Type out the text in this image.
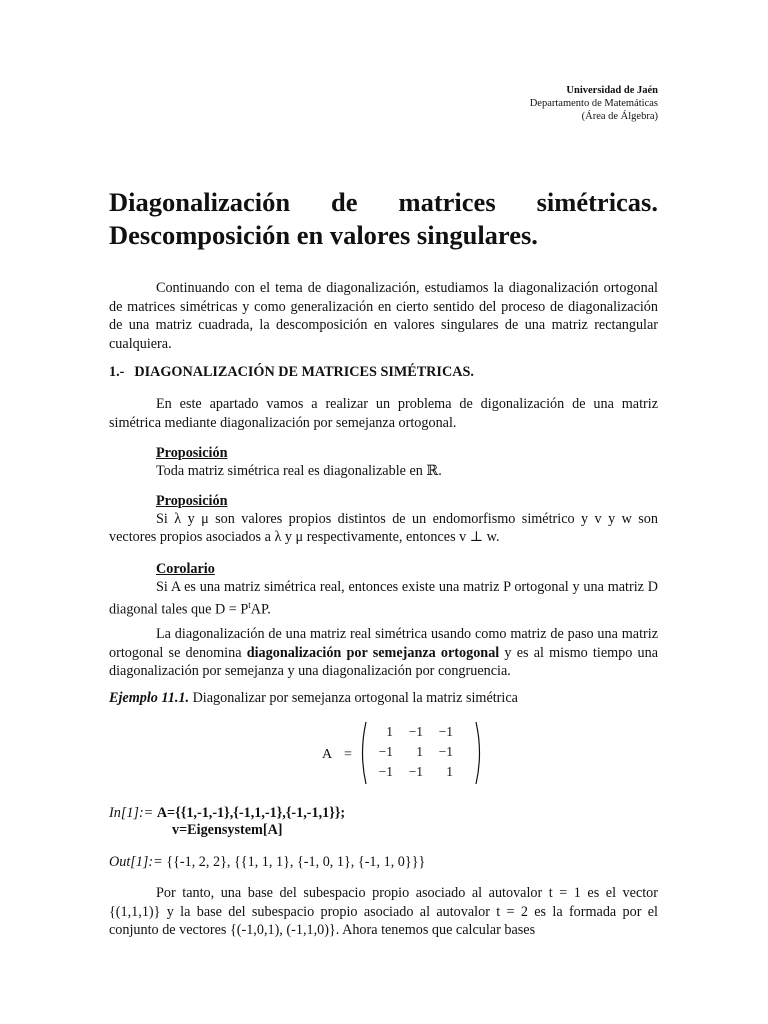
Universidad de Jaén
Departamento de Matemáticas
(Área de Álgebra)
Diagonalización de matrices simétricas.
Descomposición en valores singulares.

Continuando con el tema de diagonalización, estudiamos la diagonalización ortogonal de matrices simétricas y como generalización en cierto sentido del proceso de diagonalización de una matriz cuadrada, la descomposición en valores singulares de una matriz rectangular cualquiera.

1.- DIAGONALIZACIÓN DE MATRICES SIMÉTRICAS.

En este apartado vamos a realizar un problema de digonalización de una matriz simétrica mediante diagonalización por semejanza ortogonal.

Proposición
Toda matriz simétrica real es diagonalizable en ℝ.
Proposición
Si λ y μ son valores propios distintos de un endomorfismo simétrico y v y w son vectores propios asociados a λ y μ respectivamente, entonces v ⊥ w.
Corolario
Si A es una matriz simétrica real, entonces existe una matriz P ortogonal y una matriz D diagonal tales que $D = P^tAP$.

La diagonalización de una matriz real simétrica usando como matriz de paso una matriz ortogonal se denomina diagonalización por semejanza ortogonal y es al mismo tiempo una diagonalización por semejanza y una diagonalización por congruencia.

Ejemplo 11.1. Diagonalizar por semejanza ortogonal la matriz simétrica
A =
1	−1	−1
−1	1	−1
−1	−1	1
In[1]:= A={{1,-1,-1},{-1,1,-1},{-1,-1,1}};
v=Eigensystem[A]
Out[1]:= {{-1, 2, 2}, {{1, 1, 1}, {-1, 0, 1}, {-1, 1, 0}}}

Por tanto, una base del subespacio propio asociado al autovalor t = 1 es el vector {(1,1,1)} y la base del subespacio propio asociado al autovalor t = 2 es la formada por el conjunto de vectores {(-1,0,1), (-1,1,0)}. Ahora tenemos que calcular bases
